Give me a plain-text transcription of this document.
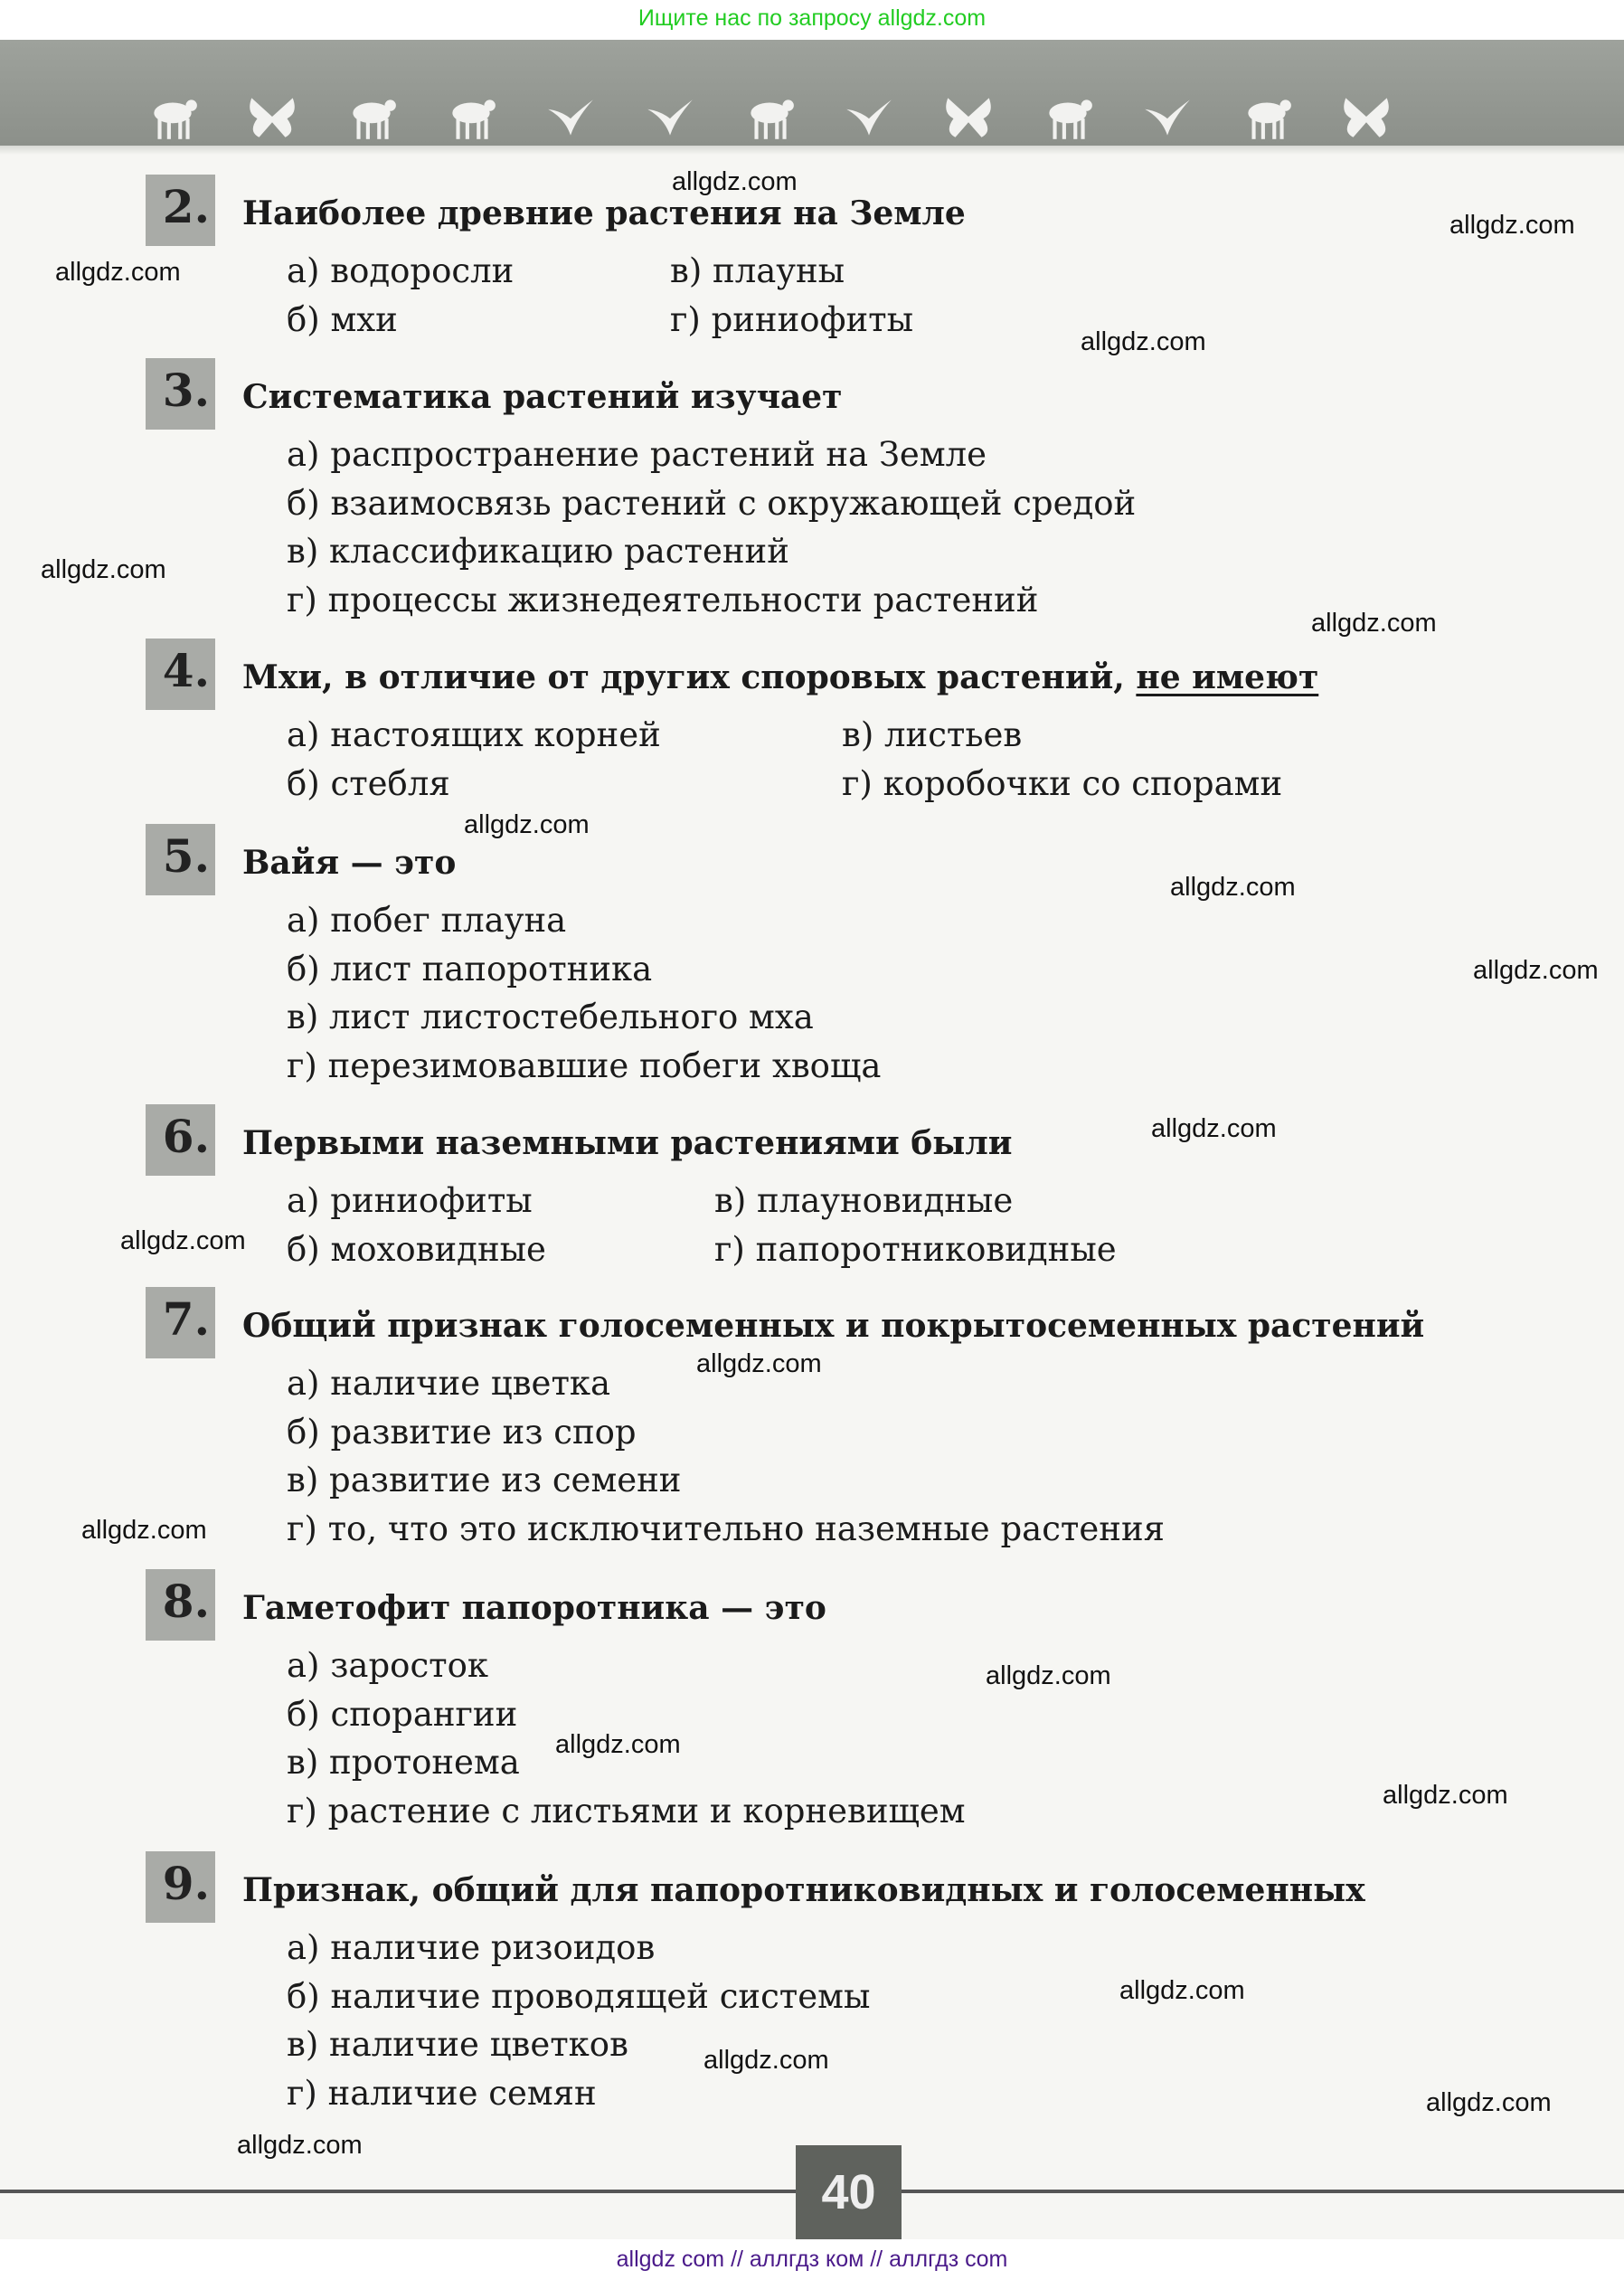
Ищите нас по запросу allgdz.com
2. Наиболее древние растения на Земле
а) водоросли	в) плауны
б) мхи	г) риниофиты
3. Систематика растений изучает
а) распространение растений на Земле
б) взаимосвязь растений с окружающей средой
в) классификацию растений
г) процессы жизнедеятельности растений
4. Мхи, в отличие от других споровых растений, не имеют
а) настоящих корней	в) листьев
б) стебля	г) коробочки со спорами
5. Вайя — это
а) побег плауна
б) лист папоротника
в) лист листостебельного мха
г) перезимовавшие побеги хвоща
6. Первыми наземными растениями были
а) риниофиты	в) плауновидные
б) моховидные	г) папоротниковидные
7. Общий признак голосеменных и покрытосеменных растений
а) наличие цветка
б) развитие из спор
в) развитие из семени
г) то, что это исключительно наземные растения
8. Гаметофит папоротника — это
а) заросток
б) спорангии
в) протонема
г) растение с листьями и корневищем
9. Признак, общий для папоротниковидных и голосеменных
а) наличие ризоидов
б) наличие проводящей системы
в) наличие цветков
г) наличие семян
allgdz.com
allgdz.com
allgdz.com
allgdz.com
allgdz.com
allgdz.com
allgdz.com
allgdz.com
allgdz.com
allgdz.com
allgdz.com
allgdz.com
allgdz.com
allgdz.com
allgdz.com
allgdz.com
allgdz.com
allgdz.com
allgdz.com
allgdz.com
40
allgdz com // аллгдз ком // аллгдз com
